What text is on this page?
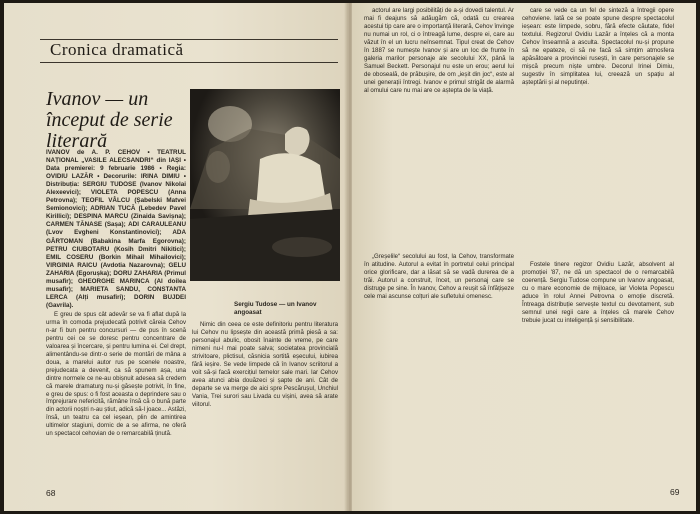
Cronica dramatică
Ivanov — un început de serie literară
IVANOV de A. P. CEHOV • TEATRUL NAȚIONAL „VASILE ALECSANDRI“ din IAȘI • Data premierei: 9 februarie 1986 • Regia: OVIDIU LAZĂR • Decorurile: IRINA DIMIU • Distribuția: SERGIU TUDOSE (Ivanov Nikolai Alexeevici); VIOLETA POPESCU (Anna Petrovna); TEOFIL VÂLCU (Șabelski Matvei Semionovici); ADRIAN TUCĂ (Lebedev Pavel Kirillici); DESPINA MARCU (Zinaida Savișna); CARMEN TĂNASE (Sașa); ADI CARAULEANU (Lvov Evgheni Konstantinovici); ADA GÂRTOMAN (Babakina Marfa Egorovna); PETRU CIUBOTARU (Kosîh Dmitri Nikitici); EMIL COSERU (Borkin Mihail Mihailovici); VIRGINIA RAICU (Avdotia Nazarovna); GELU ZAHARIA (Egorușka); DORU ZAHARIA (Primul musafir); GHEORGHE MARINCA (Al doilea musafir); MARIETA SANDU, CONSTANTA LERCA (Alți musafiri); DORIN BUJDEI (Gavrila).	Sergiu Tudose — un Ivanov angoasat

E greu de spus cât adevăr se va fi aflat după la urma în comoda prejudecată potrivit căreia Cehov n-ar fi bun pentru concursuri — de pus în scenă pentru cei ce se doresc pentru concentrare de valoarea și încercare, și pentru lumina ei. Cel drept, alimentându-se dintr-o serie de montări de mâna a doua, a marelui autor rus pe scenele noastre, prejudecata a devenit, ca să spunem așa, una dintre normele ce ne-au obișnuit adesea să credem că marele dramaturg nu-și găsește potrivit, în fine, e greu de spus: o fi fost aceasta o deprindere sau o împrejurare nefericită, rămâne însă că o bună parte din actorii noștri n-au știut, adică să-l joace... Astăzi, însă, un teatru ca cel ieșean, plin de amintirea ultimelor stagiuni, dornic de a se afirma, ne oferă un spectacol cehovian de o remarcabilă ținută.

Nimic din ceea ce este definitoriu pentru literatura lui Cehov nu lipsește din această primă piesă a sa: personajul abulic, obosit înainte de vreme, pe care nimeni nu-l mai poate salva; societatea provincială strivitoare, plictisul, căsnicia sortită eșecului, iubirea fără ieșire. Se vede limpede că în Ivanov scriitorul a voit să-și facă exercițiul temelor sale mari. Iar Cehov avea atunci abia douăzeci și șapte de ani. Cât de departe se va merge de aici spre Pescărușul, Unchiul Vania, Trei surori sau Livada cu vișini, avea să arate viitorul.

68

actorul are largi posibilități de a-și dovedi talentul. Ar mai fi deajuns să adăugăm că, odată cu crearea acestui tip care are o importanță literară, Cehov învinge nu numai un rol, ci o întreagă lume, despre ei, care au văzut în el un lucru neînsemnat. Tipul creat de Cehov în 1887 se numește Ivanov și are un loc de frunte în galeria marilor personaje ale secolului XX, până la Samuel Beckett. Personajul nu este un erou; aerul lui de oboseală, de prăbușire, de om „ieșit din joc“, este al unei generații întregi. Ivanov e primul strigăt de alarmă al omului care nu mai are ce aștepta de la viață.

„Greșelile“ secolului au fost, la Cehov, transformate în atitudine. Autorul a evitat în portretul celui principal orice glorificare, dar a lăsat să se vadă durerea de a trăi. Autorul a construit, încet, un personaj care se distruge pe sine. În Ivanov, Cehov a reușit să înfățișeze cele mai ascunse colțuri ale sufletului omenesc.

care se vede ca un fel de sinteză a întregii opere cehoviene. Iată ce se poate spune despre spectacolul ieșean: este limpede, sobru, fără efecte căutate, fidel textului. Regizorul Ovidiu Lazăr a înțeles că a monta Cehov înseamnă a asculta. Spectacolul nu-și propune să ne epateze, ci să ne facă să simțim atmosfera apăsătoare a provinciei rusești, în care personajele se mișcă precum niște umbre. Decorul Irinei Dimiu, sugestiv în simplitatea lui, creează un spațiu al așteptării și al neputinței.

Fostele tinere regizor Ovidiu Lazăr, absolvent al promoției '87, ne dă un spectacol de o remarcabilă coerență. Sergiu Tudose compune un Ivanov angoasat, cu o mare economie de mijloace, iar Violeta Popescu aduce în rolul Annei Petrovna o emoție discretă. Întreaga distribuție servește textul cu devotament, sub semnul unei regii care a înțeles că marele Cehov trebuie jucat cu inteligență și sensibilitate.

69
